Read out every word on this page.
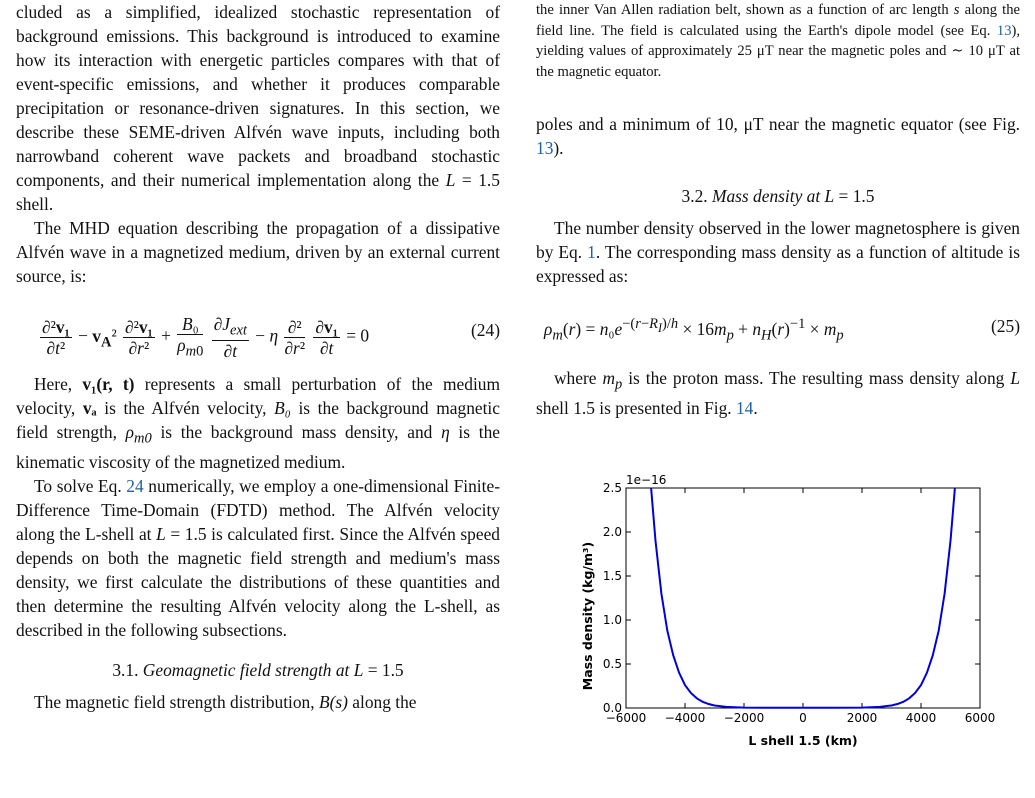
cluded as a simplified, idealized stochastic representation of background emissions. This background is introduced to examine how its interaction with energetic particles compares with that of event-specific emissions, and whether it produces comparable precipitation or resonance-driven signatures. In this section, we describe these SEME-driven Alfvén wave inputs, including both narrowband coherent wave packets and broadband stochastic components, and their numerical implementation along the L = 1.5 shell.

The MHD equation describing the propagation of a dissipative Alfvén wave in a magnetized medium, driven by an external current source, is:

$\frac{\text{∂²v₁}}{\text{∂t²}} - v_A^2 \frac{\text{∂²v₁}}{\text{∂r²}} + \frac{\text{B₀}}{\rho_{m0}}$
$\frac{\partial J_{ext}}{\partial t} - \eta \frac{\text{∂²}}{\text{∂r²}}$
$\frac{\text{∂v₁}}{\partial t} = 0$	(24)

Here, v₁(r, t) represents a small perturbation of the medium velocity, vₐ is the Alfvén velocity, B₀ is the background magnetic field strength, $\rho_{m0}$ is the background mass density, and η is the kinematic viscosity of the magnetized medium.

To solve Eq. 24 numerically, we employ a one-dimensional Finite-Difference Time-Domain (FDTD) method. The Alfvén velocity along the L-shell at L = 1.5 is calculated first. Since the Alfvén speed depends on both the magnetic field strength and medium's mass density, we first calculate the distributions of these quantities and then determine the resulting Alfvén velocity along the L-shell, as described in the following subsections.

3.1. Geomagnetic field strength at L = 1.5

The magnetic field strength distribution, B(s) along the

the inner Van Allen radiation belt, shown as a function of arc length s along the field line. The field is calculated using the Earth's dipole model (see Eq. 13), yielding values of approximately 25 μT near the magnetic poles and ∼ 10 μT at the magnetic equator.

poles and a minimum of 10, μT near the magnetic equator (see Fig. 13).

3.2. Mass density at L = 1.5

The number density observed in the lower magnetosphere is given by Eq. 1. The corresponding mass density as a function of altitude is expressed as:

$\rho_m(r) = n_0e^{-(r-R_I)/h} \times 16m_p + n_H(r)^{-1} \times m_p$	(25)

where $m_p$ is the proton mass. The resulting mass density along L shell 1.5 is presented in Fig. 14.

−6000 −4000 −2000	0	2000 4000 6000
0.0
0.5
1.0
1.5
2.0
2.5
1e−16
Mass density (kg/m³)
L shell 1.5 (km)
